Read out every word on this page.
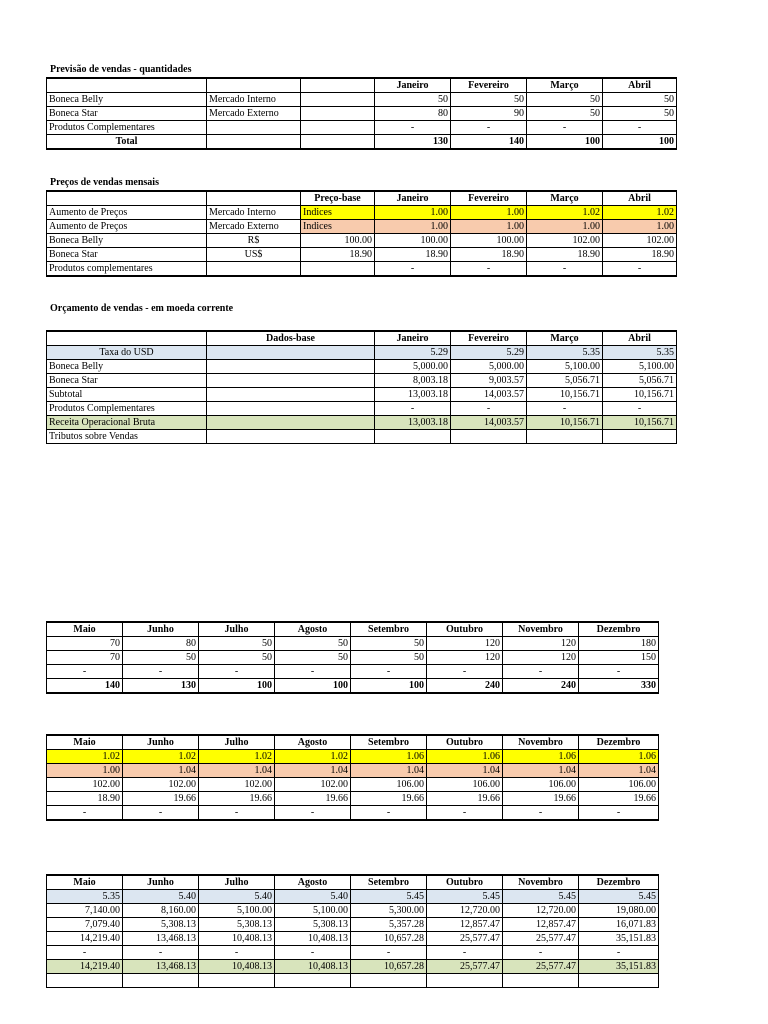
Previsão de vendas - quantidades
			Janeiro	Fevereiro	Março	Abril
Boneca Belly	Mercado Interno		50	50	50	50
Boneca Star	Mercado Externo		80	90	50	50
Produtos Complementares			-	-	-	-
Total			130	140	100	100
Preços de vendas mensais
		Preço-base	Janeiro	Fevereiro	Março	Abril
Aumento de Preços	Mercado Interno	Indices	1.00	1.00	1.02	1.02
Aumento de Preços	Mercado Externo	Indices	1.00	1.00	1.00	1.00
Boneca Belly	R$	100.00	100.00	100.00	102.00	102.00
Boneca Star	US$	18.90	18.90	18.90	18.90	18.90
Produtos complementares			-	-	-	-
Orçamento de vendas - em moeda corrente
	Dados-base	Janeiro	Fevereiro	Março	Abril
Taxa do USD		5.29	5.29	5.35	5.35
Boneca Belly		5,000.00	5,000.00	5,100.00	5,100.00
Boneca Star		8,003.18	9,003.57	5,056.71	5,056.71
Subtotal		13,003.18	14,003.57	10,156.71	10,156.71
Produtos Complementares		-	-	-	-
Receita Operacional Bruta		13,003.18	14,003.57	10,156.71	10,156.71
Tributos sobre Vendas					
Maio	Junho	Julho	Agosto	Setembro	Outubro	Novembro	Dezembro
70	80	50	50	50	120	120	180
70	50	50	50	50	120	120	150
-	-	-	-	-	-	-	-
140	130	100	100	100	240	240	330
Maio	Junho	Julho	Agosto	Setembro	Outubro	Novembro	Dezembro
1.02	1.02	1.02	1.02	1.06	1.06	1.06	1.06
1.00	1.04	1.04	1.04	1.04	1.04	1.04	1.04
102.00	102.00	102.00	102.00	106.00	106.00	106.00	106.00
18.90	19.66	19.66	19.66	19.66	19.66	19.66	19.66
-	-	-	-	-	-	-	-
Maio	Junho	Julho	Agosto	Setembro	Outubro	Novembro	Dezembro
5.35	5.40	5.40	5.40	5.45	5.45	5.45	5.45
7,140.00	8,160.00	5,100.00	5,100.00	5,300.00	12,720.00	12,720.00	19,080.00
7,079.40	5,308.13	5,308.13	5,308.13	5,357.28	12,857.47	12,857.47	16,071.83
14,219.40	13,468.13	10,408.13	10,408.13	10,657.28	25,577.47	25,577.47	35,151.83
-	-	-	-	-	-	-	-
14,219.40	13,468.13	10,408.13	10,408.13	10,657.28	25,577.47	25,577.47	35,151.83
